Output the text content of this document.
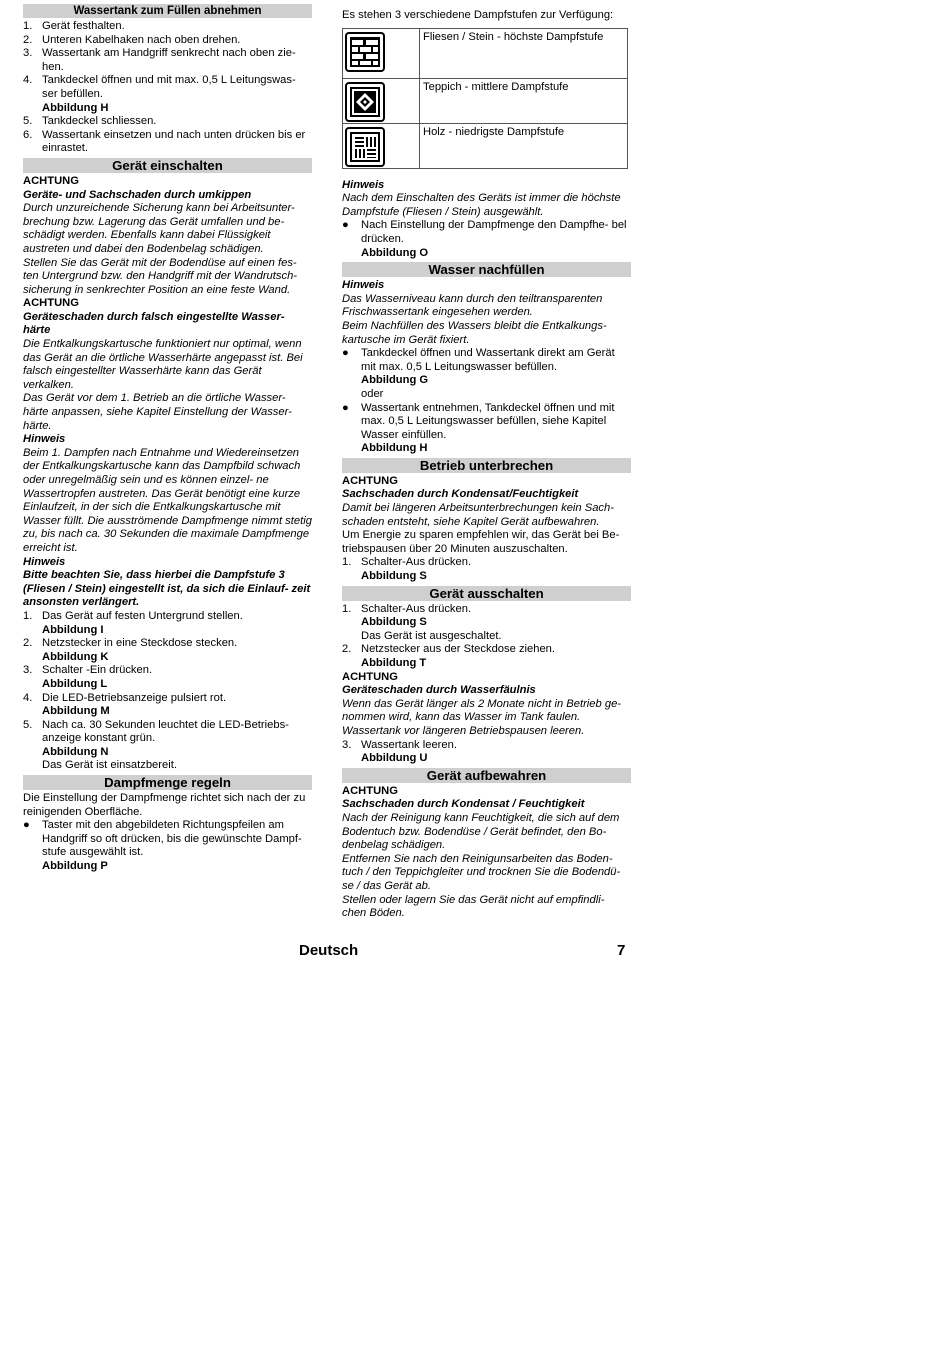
Wassertank zum Füllen abnehmen
1. Gerät festhalten.
2. Unteren Kabelhaken nach oben drehen.
3. Wassertank am Handgriff senkrecht nach oben zie- hen.
4. Tankdeckel öffnen und mit max. 0,5 L Leitungswas- ser befüllen.
Abbildung H
5. Tankdeckel schliessen.
6. Wassertank einsetzen und nach unten drücken bis er einrastet.
Gerät einschalten
ACHTUNG
Geräte- und Sachschaden durch umkippen
Durch unzureichende Sicherung kann bei Arbeitsunter- brechung bzw. Lagerung das Gerät umfallen und be- schädigt werden. Ebenfalls kann dabei Flüssigkeit austreten und dabei den Bodenbelag schädigen.
Stellen Sie das Gerät mit der Bodendüse auf einen fes- ten Untergrund bzw. den Handgriff mit der Wandrutsch- sicherung in senkrechter Position an eine feste Wand.
ACHTUNG
Geräteschaden durch falsch eingestellte Wasser- härte
Die Entkalkungskartusche funktioniert nur optimal, wenn das Gerät an die örtliche Wasserhärte angepasst ist. Bei falsch eingestellter Wasserhärte kann das Gerät verkalken.
Das Gerät vor dem 1. Betrieb an die örtliche Wasser- härte anpassen, siehe Kapitel Einstellung der Wasser- härte.
Hinweis
Beim 1. Dampfen nach Entnahme und Wiedereinsetzen der Entkalkungskartusche kann das Dampfbild schwach oder unregelmäßig sein und es können einzel- ne Wassertropfen austreten. Das Gerät benötigt eine kurze Einlaufzeit, in der sich die Entkalkungskartusche mit Wasser füllt. Die ausströmende Dampfmenge nimmt stetig zu, bis nach ca. 30 Sekunden die maximale Dampfmenge erreicht ist.
Hinweis
Bitte beachten Sie, dass hierbei die Dampfstufe 3 (Fliesen / Stein) eingestellt ist, da sich die Einlauf- zeit ansonsten verlängert.
1. Das Gerät auf festen Untergrund stellen.
Abbildung I
2. Netzstecker in eine Steckdose stecken.
Abbildung K
3. Schalter -Ein drücken.
Abbildung L
4. Die LED-Betriebsanzeige pulsiert rot.
Abbildung M
5. Nach ca. 30 Sekunden leuchtet die LED-Betriebs- anzeige konstant grün.
Abbildung N
Das Gerät ist einsatzbereit.
Dampfmenge regeln
Die Einstellung der Dampfmenge richtet sich nach der zu reinigenden Oberfläche.
●	Taster mit den abgebildeten Richtungspfeilen am Handgriff so oft drücken, bis die gewünschte Dampf- stufe ausgewählt ist.
Abbildung P
Es stehen 3 verschiedene Dampfstufen zur Verfügung:
	Fliesen / Stein - höchste Dampfstufe

	Teppich - mittlere Dampfstufe

	Holz - niedrigste Dampfstufe
Hinweis
Nach dem Einschalten des Geräts ist immer die höchste Dampfstufe (Fliesen / Stein) ausgewählt.
●	Nach Einstellung der Dampfmenge den Dampfhe- bel drücken.
Abbildung O
Wasser nachfüllen
Hinweis
Das Wasserniveau kann durch den teiltransparenten Frischwassertank eingesehen werden.
Beim Nachfüllen des Wassers bleibt die Entkalkungs- kartusche im Gerät fixiert.
●	Tankdeckel öffnen und Wassertank direkt am Gerät mit max. 0,5 L Leitungswasser befüllen.
Abbildung G
oder
●	Wassertank entnehmen, Tankdeckel öffnen und mit max. 0,5 L Leitungswasser befüllen, siehe Kapitel Wasser einfüllen.
Abbildung H
Betrieb unterbrechen
ACHTUNG
Sachschaden durch Kondensat/Feuchtigkeit
Damit bei längeren Arbeitsunterbrechungen kein Sach- schaden entsteht, siehe Kapitel Gerät aufbewahren.
Um Energie zu sparen empfehlen wir, das Gerät bei Be- triebspausen über 20 Minuten auszuschalten.
1. Schalter-Aus drücken.
Abbildung S
Gerät ausschalten
1. Schalter-Aus drücken.
Abbildung S
Das Gerät ist ausgeschaltet.
2. Netzstecker aus der Steckdose ziehen.
Abbildung T
ACHTUNG
Geräteschaden durch Wasserfäulnis
Wenn das Gerät länger als 2 Monate nicht in Betrieb ge- nommen wird, kann das Wasser im Tank faulen.
Wassertank vor längeren Betriebspausen leeren.
3. Wassertank leeren.
Abbildung U
Gerät aufbewahren
ACHTUNG
Sachschaden durch Kondensat / Feuchtigkeit
Nach der Reinigung kann Feuchtigkeit, die sich auf dem Bodentuch bzw. Bodendüse / Gerät befindet, den Bo- denbelag schädigen.
Entfernen Sie nach den Reinigunsarbeiten das Boden- tuch / den Teppichgleiter und trocknen Sie die Bodendü- se / das Gerät ab.
Stellen oder lagern Sie das Gerät nicht auf empfindli- chen Böden.
Deutsch	7
